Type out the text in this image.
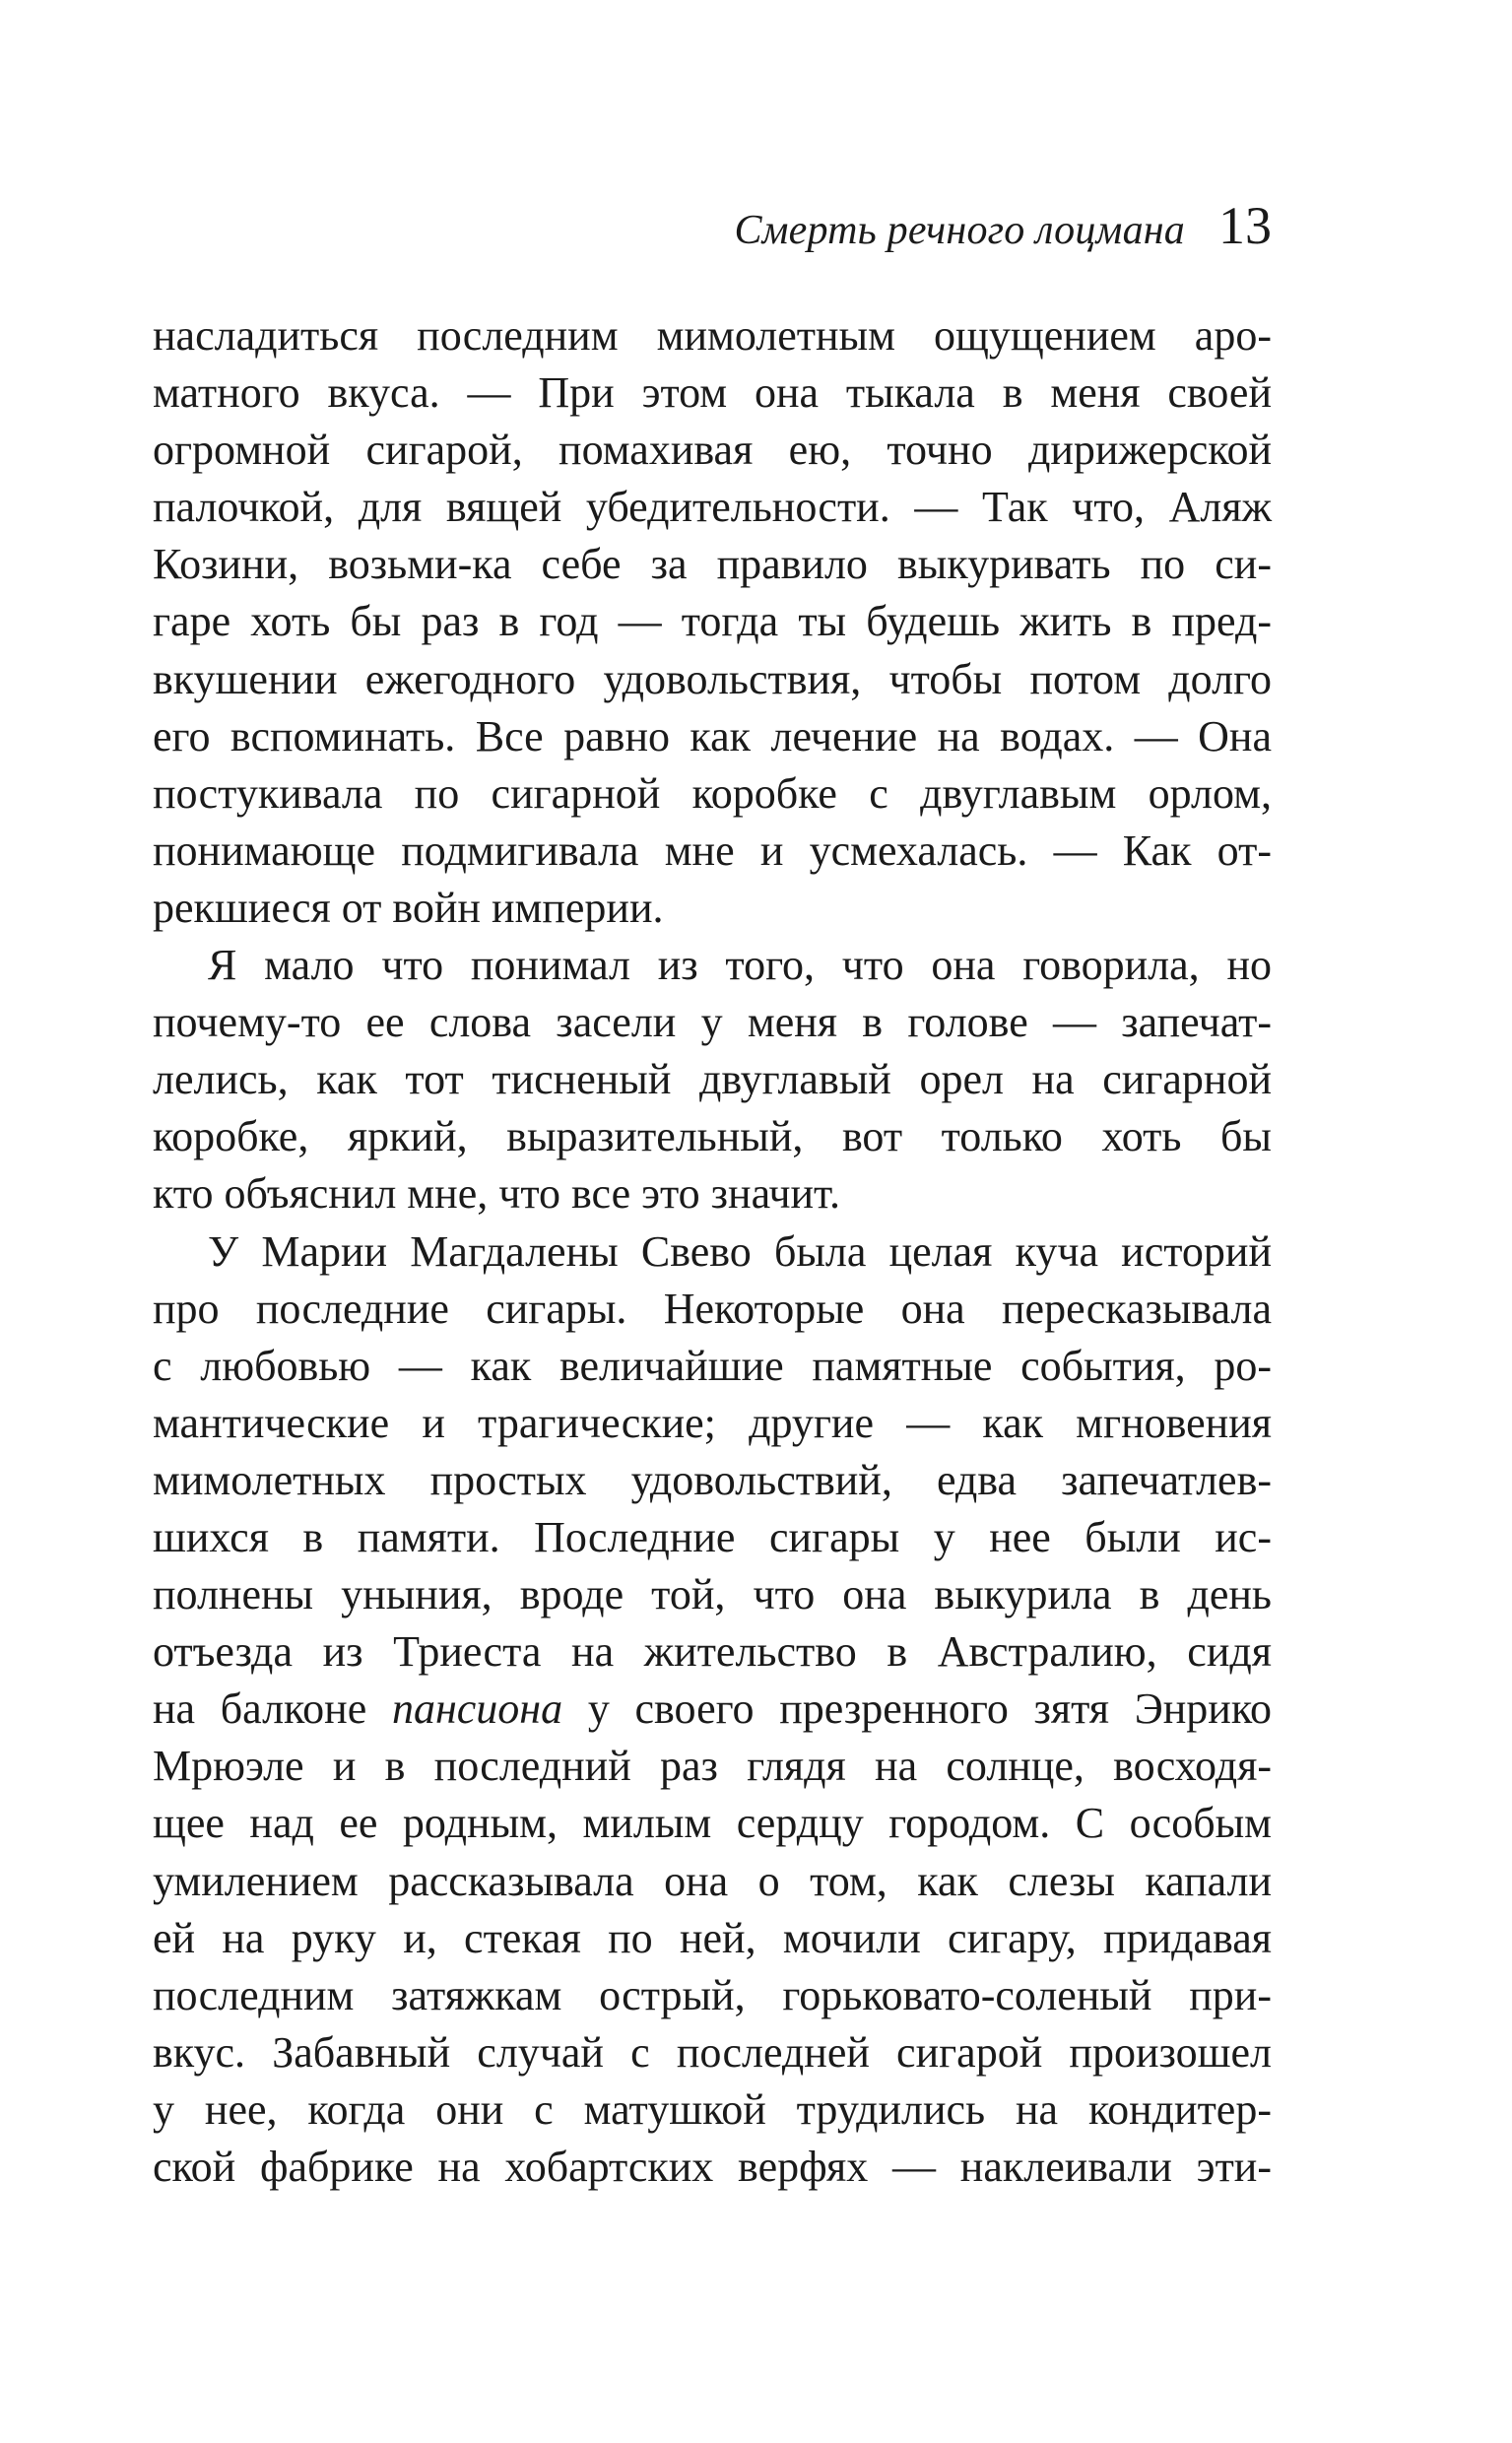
Смерть речного лоцмана 13
насладиться последним мимолетным ощущением аро-
матного вкуса. — При этом она тыкала в меня своей
огромной сигарой, помахивая ею, точно дирижерской
палочкой, для вящей убедительности. — Так что, Аляж
Козини, возьми-ка себе за правило выкуривать по си-
гаре хоть бы раз в год — тогда ты будешь жить в пред-
вкушении ежегодного удовольствия, чтобы потом долго
его вспоминать. Все равно как лечение на водах. — Она
постукивала по сигарной коробке с двуглавым орлом,
понимающе подмигивала мне и усмехалась. — Как от-
рекшиеся от войн империи.
Я мало что понимал из того, что она говорила, но
почему-то ее слова засели у меня в голове — запечат-
лелись, как тот тисненый двуглавый орел на сигарной
коробке, яркий, выразительный, вот только хоть бы
кто объяснил мне, что все это значит.
У Марии Магдалены Свево была целая куча историй
про последние сигары. Некоторые она пересказывала
с любовью — как величайшие памятные события, ро-
мантические и трагические; другие — как мгновения
мимолетных простых удовольствий, едва запечатлев-
шихся в памяти. Последние сигары у нее были ис-
полнены уныния, вроде той, что она выкурила в день
отъезда из Триеста на жительство в Австралию, сидя
на балконе пансиона у своего презренного зятя Энрико
Мрюэле и в последний раз глядя на солнце, восходя-
щее над ее родным, милым сердцу городом. С особым
умилением рассказывала она о том, как слезы капали
ей на руку и, стекая по ней, мочили сигару, придавая
последним затяжкам острый, горьковато-соленый при-
вкус. Забавный случай с последней сигарой произошел
у нее, когда они с матушкой трудились на кондитер-
ской фабрике на хобартских верфях — наклеивали эти-
